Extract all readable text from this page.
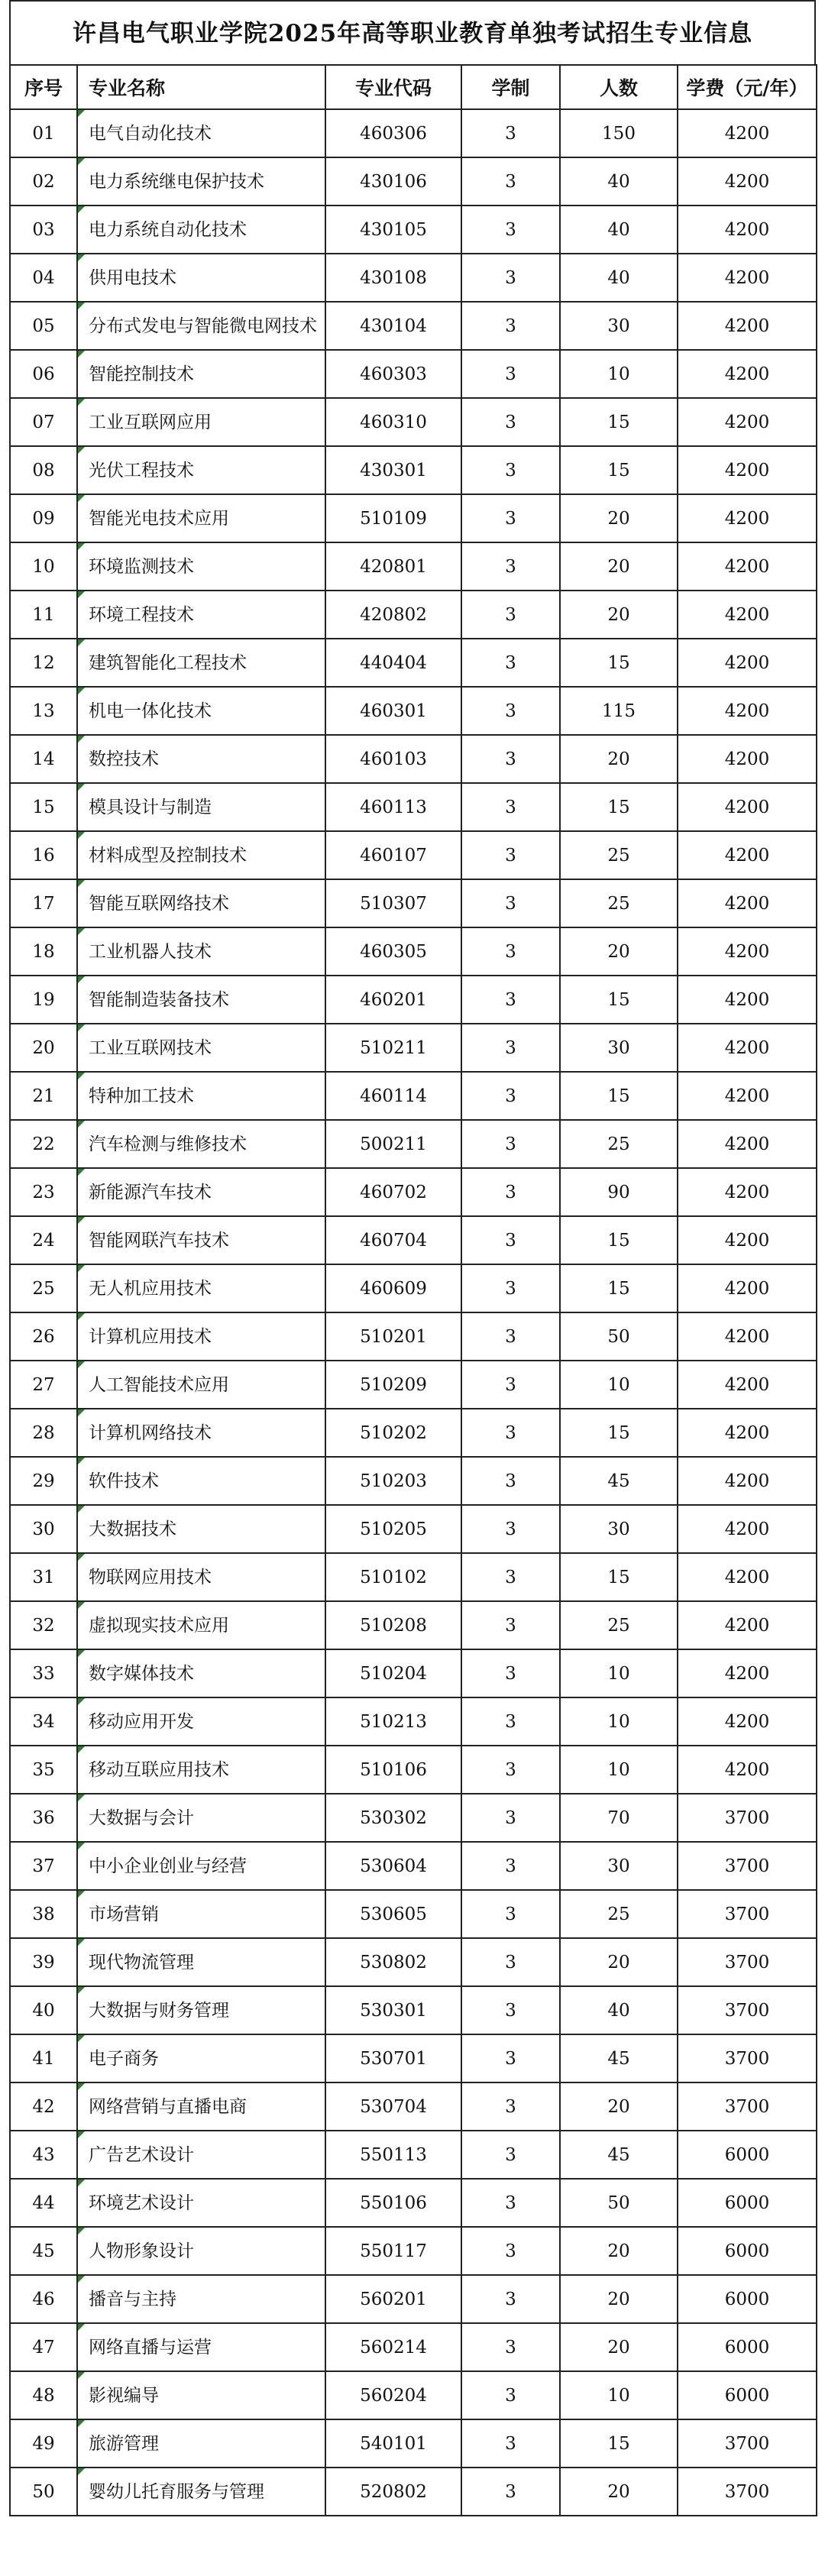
许昌电气职业学院2025年高等职业教育单独考试招生专业信息
序号	专业名称	专业代码	学制	人数	学费（元/年）
01	电气自动化技术	460306	3	150	4200
02	电力系统继电保护技术	430106	3	40	4200
03	电力系统自动化技术	430105	3	40	4200
04	供用电技术	430108	3	40	4200
05	分布式发电与智能微电网技术	430104	3	30	4200
06	智能控制技术	460303	3	10	4200
07	工业互联网应用	460310	3	15	4200
08	光伏工程技术	430301	3	15	4200
09	智能光电技术应用	510109	3	20	4200
10	环境监测技术	420801	3	20	4200
11	环境工程技术	420802	3	20	4200
12	建筑智能化工程技术	440404	3	15	4200
13	机电一体化技术	460301	3	115	4200
14	数控技术	460103	3	20	4200
15	模具设计与制造	460113	3	15	4200
16	材料成型及控制技术	460107	3	25	4200
17	智能互联网络技术	510307	3	25	4200
18	工业机器人技术	460305	3	20	4200
19	智能制造装备技术	460201	3	15	4200
20	工业互联网技术	510211	3	30	4200
21	特种加工技术	460114	3	15	4200
22	汽车检测与维修技术	500211	3	25	4200
23	新能源汽车技术	460702	3	90	4200
24	智能网联汽车技术	460704	3	15	4200
25	无人机应用技术	460609	3	15	4200
26	计算机应用技术	510201	3	50	4200
27	人工智能技术应用	510209	3	10	4200
28	计算机网络技术	510202	3	15	4200
29	软件技术	510203	3	45	4200
30	大数据技术	510205	3	30	4200
31	物联网应用技术	510102	3	15	4200
32	虚拟现实技术应用	510208	3	25	4200
33	数字媒体技术	510204	3	10	4200
34	移动应用开发	510213	3	10	4200
35	移动互联应用技术	510106	3	10	4200
36	大数据与会计	530302	3	70	3700
37	中小企业创业与经营	530604	3	30	3700
38	市场营销	530605	3	25	3700
39	现代物流管理	530802	3	20	3700
40	大数据与财务管理	530301	3	40	3700
41	电子商务	530701	3	45	3700
42	网络营销与直播电商	530704	3	20	3700
43	广告艺术设计	550113	3	45	6000
44	环境艺术设计	550106	3	50	6000
45	人物形象设计	550117	3	20	6000
46	播音与主持	560201	3	20	6000
47	网络直播与运营	560214	3	20	6000
48	影视编导	560204	3	10	6000
49	旅游管理	540101	3	15	3700
50	婴幼儿托育服务与管理	520802	3	20	3700
